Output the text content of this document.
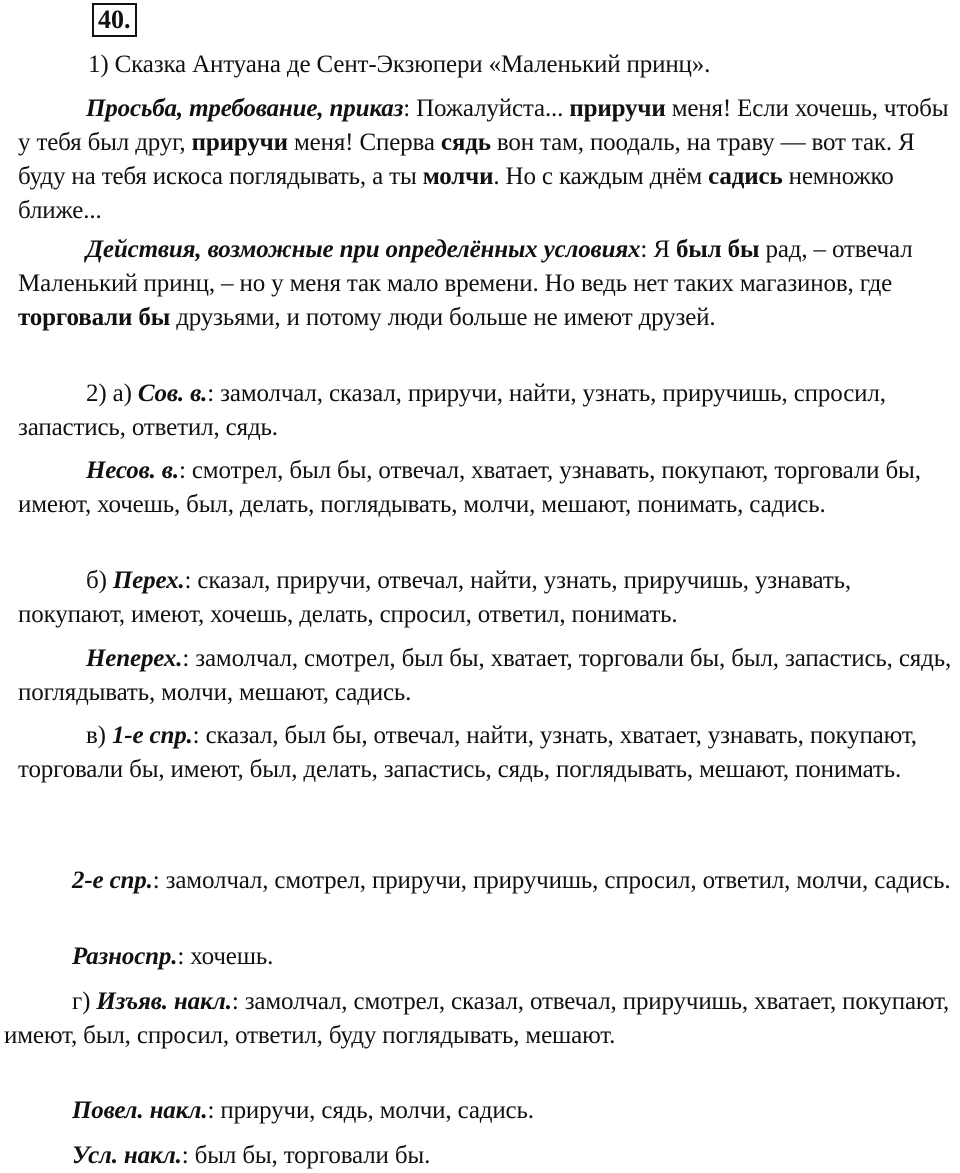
40.

1) Сказка Антуана де Сент-Экзюпери «Маленький принц».

Просьба, требование, приказ: Пожалуйста... приручи меня! Если хочешь, чтобы у тебя был друг, приручи меня! Сперва сядь вон там, поодаль, на траву — вот так. Я буду на тебя искоса поглядывать, а ты молчи. Но с каждым днём садись немножко ближе...

Действия, возможные при определённых условиях: Я был бы рад, – отвечал Маленький принц, – но у меня так мало времени. Но ведь нет таких магазинов, где торговали бы друзьями, и потому люди больше не имеют друзей.

2) а) Сов. в.: замолчал, сказал, приручи, найти, узнать, приручишь, спросил, запастись, ответил, сядь.

Несов. в.: смотрел, был бы, отвечал, хватает, узнавать, покупают, торговали бы, имеют, хочешь, был, делать, поглядывать, молчи, мешают, понимать, садись.

б) Перех.: сказал, приручи, отвечал, найти, узнать, приручишь, узнавать, покупают, имеют, хочешь, делать, спросил, ответил, понимать.

Неперех.: замолчал, смотрел, был бы, хватает, торговали бы, был, запастись, сядь, поглядывать, молчи, мешают, садись.

в) 1-е спр.: сказал, был бы, отвечал, найти, узнать, хватает, узнавать, покупают, торговали бы, имеют, был, делать, запастись, сядь, поглядывать, мешают, понимать.

2-е спр.: замолчал, смотрел, приручи, приручишь, спросил, ответил, молчи, садись.

Разноспр.: хочешь.

г) Изъяв. накл.: замолчал, смотрел, сказал, отвечал, приручишь, хватает, покупают, имеют, был, спросил, ответил, буду поглядывать, мешают.

Повел. накл.: приручи, сядь, молчи, садись.

Усл. накл.: был бы, торговали бы.
